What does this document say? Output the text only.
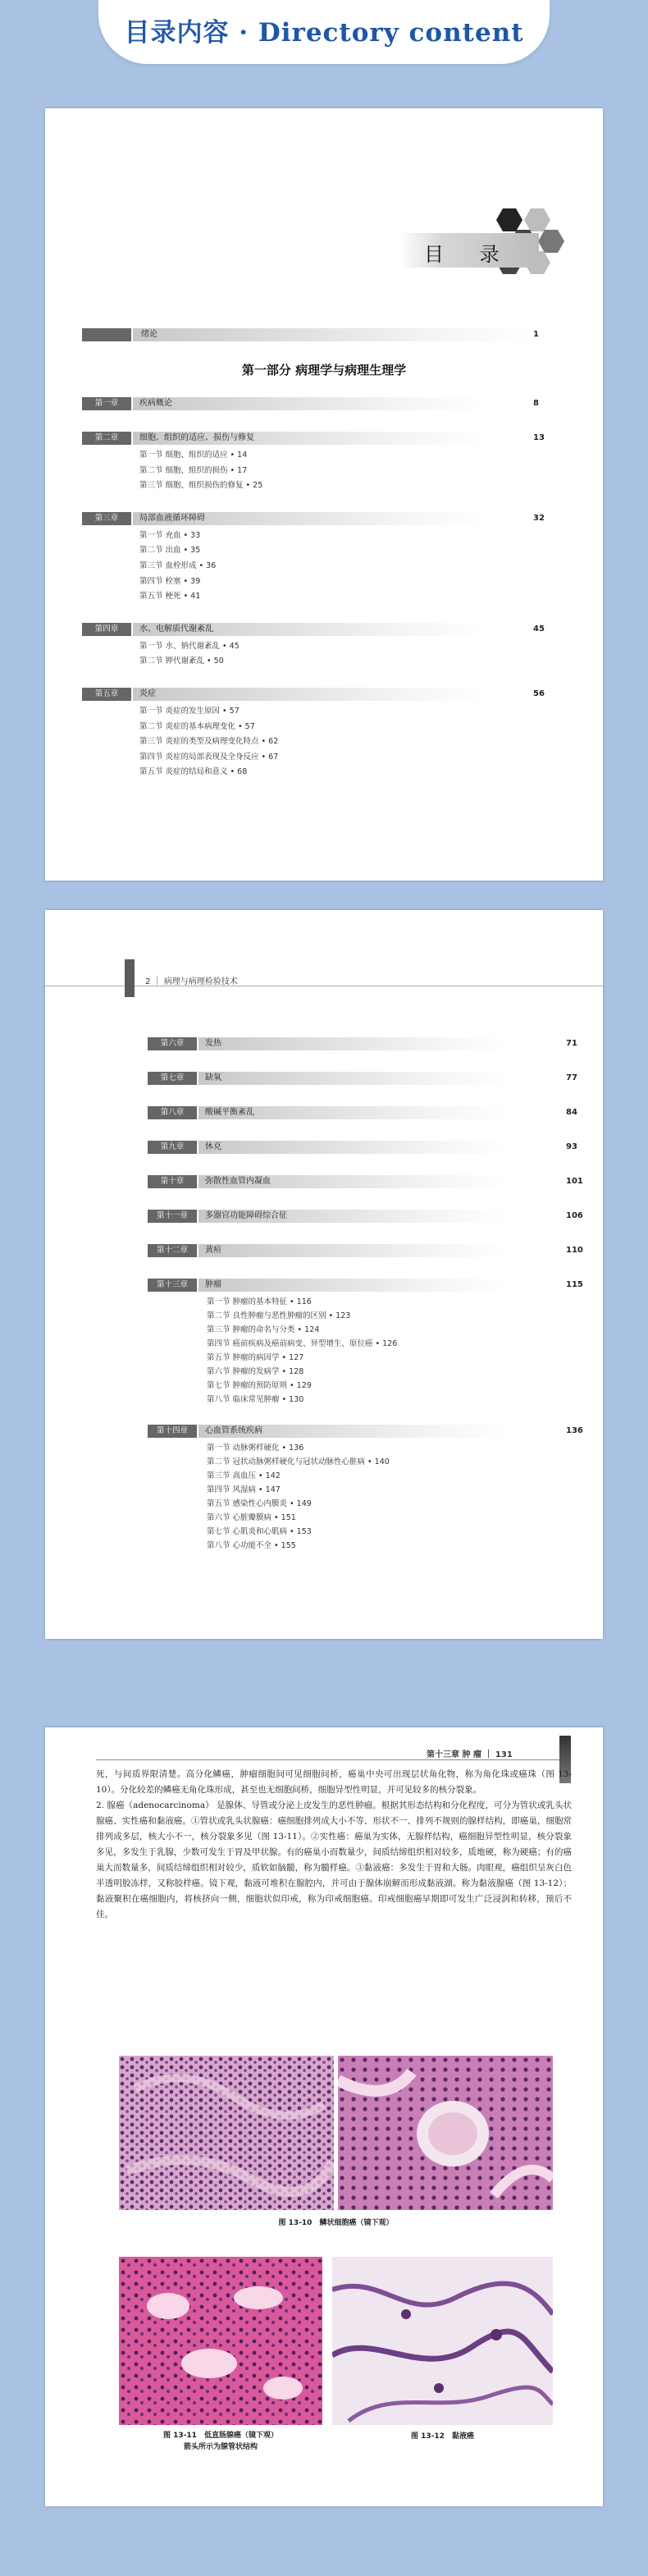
目录内容 · Directory content
目 录
绪论	1
第一部分 病理学与病理生理学
第一章	疾病概论	8
第二章	细胞、组织的适应、损伤与修复	13
第一节 细胞、组织的适应 • 14
第二节 细胞、组织的损伤 • 17
第三节 细胞、组织损伤的修复 • 25
第三章	局部血液循环障碍	32
第一节 充血 • 33
第二节 出血 • 35
第三节 血栓形成 • 36
第四节 栓塞 • 39
第五节 梗死 • 41
第四章	水、电解质代谢紊乱	45
第一节 水、钠代谢紊乱 • 45
第二节 钾代谢紊乱 • 50
第五章	炎症	56
第一节 炎症的发生原因 • 57
第二节 炎症的基本病理变化 • 57
第三节 炎症的类型及病理变化特点 • 62
第四节 炎症的局部表现及全身反应 • 67
第五节 炎症的结局和意义 • 68
2 ｜ 病理与病理检验技术
第六章	发热	71
第七章	缺氧	77
第八章	酸碱平衡紊乱	84
第九章	休克	93
第十章	弥散性血管内凝血	101
第十一章	多器官功能障碍综合征	106
第十二章	黄疸	110
第十三章	肿瘤	115
第一节 肿瘤的基本特征 • 116
第二节 良性肿瘤与恶性肿瘤的区别 • 123
第三节 肿瘤的命名与分类 • 124
第四节 癌前疾病及癌前病变、异型增生、原位癌 • 126
第五节 肿瘤的病因学 • 127
第六节 肿瘤的发病学 • 128
第七节 肿瘤的预防原则 • 129
第八节 临床常见肿瘤 • 130
第十四章	心血管系统疾病	136
第一节 动脉粥样硬化 • 136
第二节 冠状动脉粥样硬化与冠状动脉性心脏病 • 140
第三节 高血压 • 142
第四节 风湿病 • 147
第五节 感染性心内膜炎 • 149
第六节 心脏瓣膜病 • 151
第七节 心肌炎和心肌病 • 153
第八节 心功能不全 • 155
第十三章 肿 瘤 ｜ 131

死，与间质界限清楚。高分化鳞癌，肿瘤细胞间可见细胞间桥，癌巢中央可出现层状角化物，称为角化珠或癌珠（图 13-10）。分化较差的鳞癌无角化珠形成，甚至也无细胞间桥，细胞异型性明显，并可见较多的核分裂象。
2. 腺癌（adenocarcinoma） 是腺体、导管或分泌上皮发生的恶性肿瘤。根据其形态结构和分化程度，可分为管状或乳头状腺癌、实性癌和黏液癌。①管状或乳头状腺癌：癌细胞排列成大小不等、形状不一、排列不规则的腺样结构，即癌巢，细胞常排列成多层，核大小不一，核分裂象多见（图 13-11）。②实性癌：癌巢为实体，无腺样结构，癌细胞异型性明显，核分裂象多见，多发生于乳腺，少数可发生于胃及甲状腺。有的癌巢小而数量少，间质结缔组织相对较多，质地硬，称为硬癌；有的癌巢大而数量多，间质结缔组织相对较少，质软如脑髓，称为髓样癌。③黏液癌：多发生于胃和大肠。肉眼观，癌组织呈灰白色半透明胶冻样，又称胶样癌。镜下观，黏液可堆积在腺腔内，并可由于腺体崩解而形成黏液湖。称为黏液腺癌（图 13-12）；黏液聚积在癌细胞内，将核挤向一侧，细胞状似印戒，称为印戒细胞癌。印戒细胞癌早期即可发生广泛浸润和转移，预后不佳。

图 13-10　鳞状细胞癌（镜下观）
图 13-11　低直肠腺癌（镜下观）
箭头所示为腺管状结构
图 13-12　黏液癌
